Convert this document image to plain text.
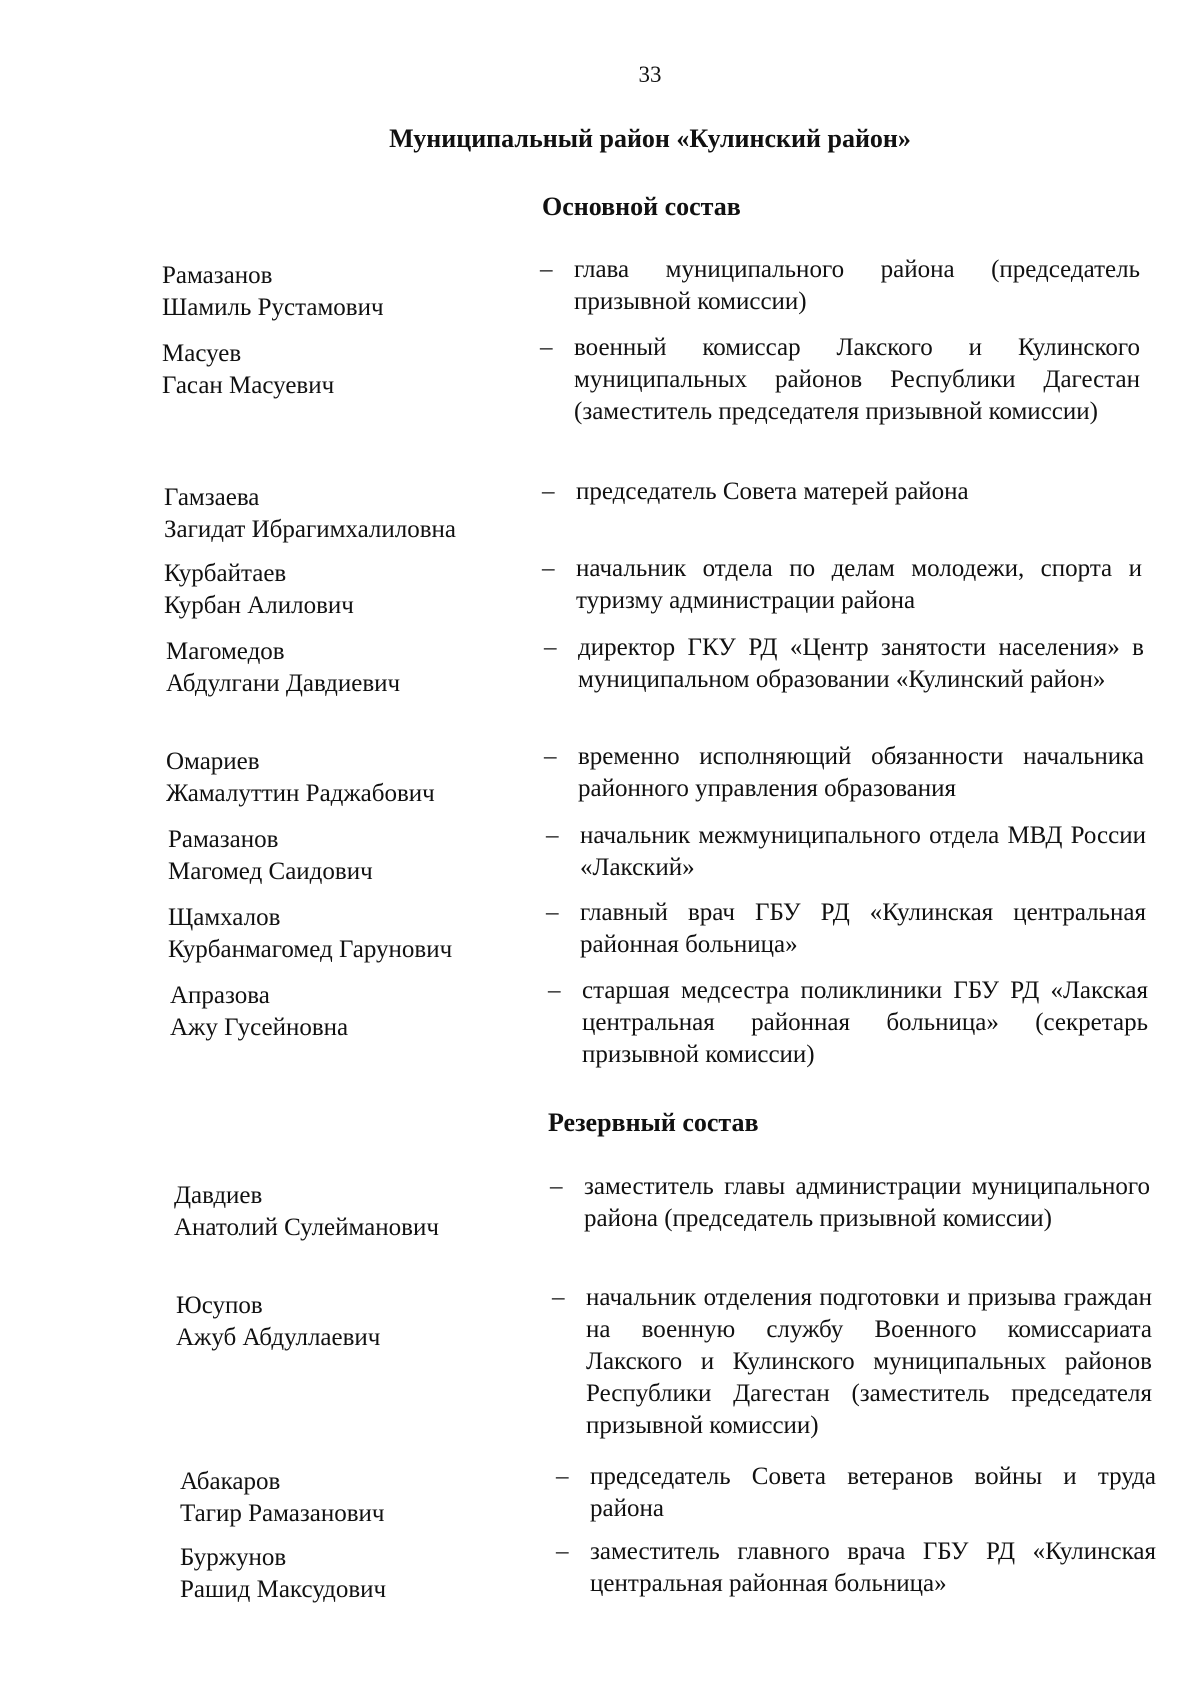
33
Муниципальный район «Кулинский район»
Основной состав
Рамазанов
Шамиль Рустамович
– глава муниципального района (председатель призывной комиссии)
Масуев
Гасан Масуевич
– военный комиссар Лакского и Кулинского муниципальных районов Республики Дагестан (заместитель председателя призывной комиссии)
Гамзаева
Загидат Ибрагимхалиловна
– председатель Совета матерей района
Курбайтаев
Курбан Алилович
– начальник отдела по делам молодежи, спорта и туризму администрации района
Магомедов
Абдулгани Давдиевич
– директор ГКУ РД «Центр занятости населения» в муниципальном образовании «Кулинский район»
Омариев
Жамалуттин Раджабович
– временно исполняющий обязанности начальника районного управления образования
Рамазанов
Магомед Саидович
– начальник межмуниципального отдела МВД России «Лакский»
Щамхалов
Курбанмагомед Гарунович
– главный врач ГБУ РД «Кулинская центральная районная больница»
Апразова
Ажу Гусейновна
– старшая медсестра поликлиники ГБУ РД «Лакская центральная районная больница» (секретарь призывной комиссии)
Резервный состав
Давдиев
Анатолий Сулейманович
– заместитель главы администрации муниципального района (председатель призывной комиссии)
Юсупов
Ажуб Абдуллаевич
– начальник отделения подготовки и призыва граждан на военную службу Военного комиссариата Лакского и Кулинского муниципальных районов Республики Дагестан (заместитель председателя призывной комиссии)
Абакаров
Тагир Рамазанович
– председатель Совета ветеранов войны и труда района
Буржунов
Рашид Максудович
– заместитель главного врача ГБУ РД «Кулинская центральная районная больница»
